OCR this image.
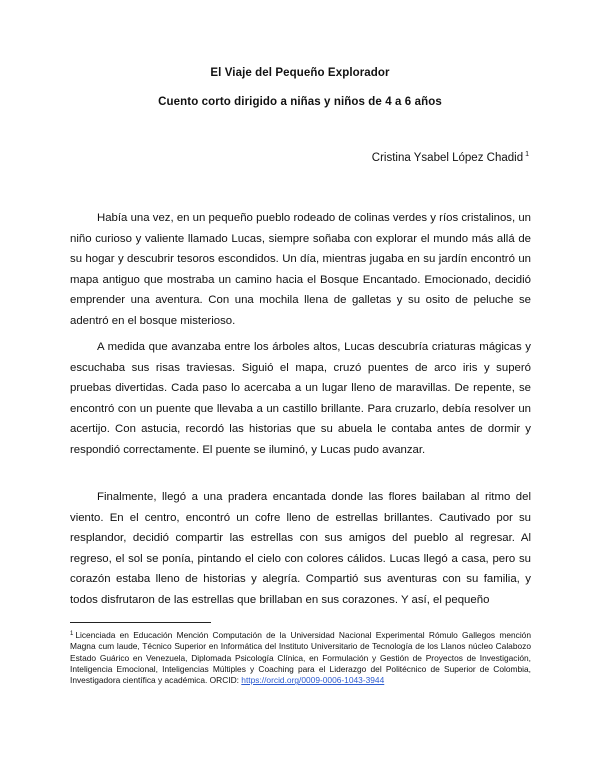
El Viaje del Pequeño Explorador
Cuento corto dirigido a niñas y niños de 4 a 6 años
Cristina Ysabel López Chadid $^1$

Había una vez, en un pequeño pueblo rodeado de colinas verdes y ríos cristalinos, un niño curioso y valiente llamado Lucas, siempre soñaba con explorar el mundo más allá de su hogar y descubrir tesoros escondidos. Un día, mientras jugaba en su jardín encontró un mapa antiguo que mostraba un camino hacia el Bosque Encantado. Emocionado, decidió emprender una aventura. Con una mochila llena de galletas y su osito de peluche se adentró en el bosque misterioso.

A medida que avanzaba entre los árboles altos, Lucas descubría criaturas mágicas y escuchaba sus risas traviesas. Siguió el mapa, cruzó puentes de arco iris y superó pruebas divertidas. Cada paso lo acercaba a un lugar lleno de maravillas. De repente, se encontró con un puente que llevaba a un castillo brillante. Para cruzarlo, debía resolver un acertijo. Con astucia, recordó las historias que su abuela le contaba antes de dormir y respondió correctamente. El puente se iluminó, y Lucas pudo avanzar.

Finalmente, llegó a una pradera encantada donde las flores bailaban al ritmo del viento. En el centro, encontró un cofre lleno de estrellas brillantes. Cautivado por su resplandor, decidió compartir las estrellas con sus amigos del pueblo al regresar. Al regreso, el sol se ponía, pintando el cielo con colores cálidos. Lucas llegó a casa, pero su corazón estaba lleno de historias y alegría. Compartió sus aventuras con su familia, y todos disfrutaron de las estrellas que brillaban en sus corazones. Y así, el pequeño

$^1$ Licenciada en Educación Mención Computación de la Universidad Nacional Experimental Rómulo Gallegos mención Magna cum laude, Técnico Superior en Informática del Instituto Universitario de Tecnología de los Llanos núcleo Calabozo Estado Guárico en Venezuela, Diplomada Psicología Clínica, en Formulación y Gestión de Proyectos de Investigación, Inteligencia Emocional, Inteligencias Múltiples y Coaching para el Liderazgo del Politécnico de Superior de Colombia, Investigadora científica y académica. ORCID: https://orcid.org/0009-0006-1043-3944
